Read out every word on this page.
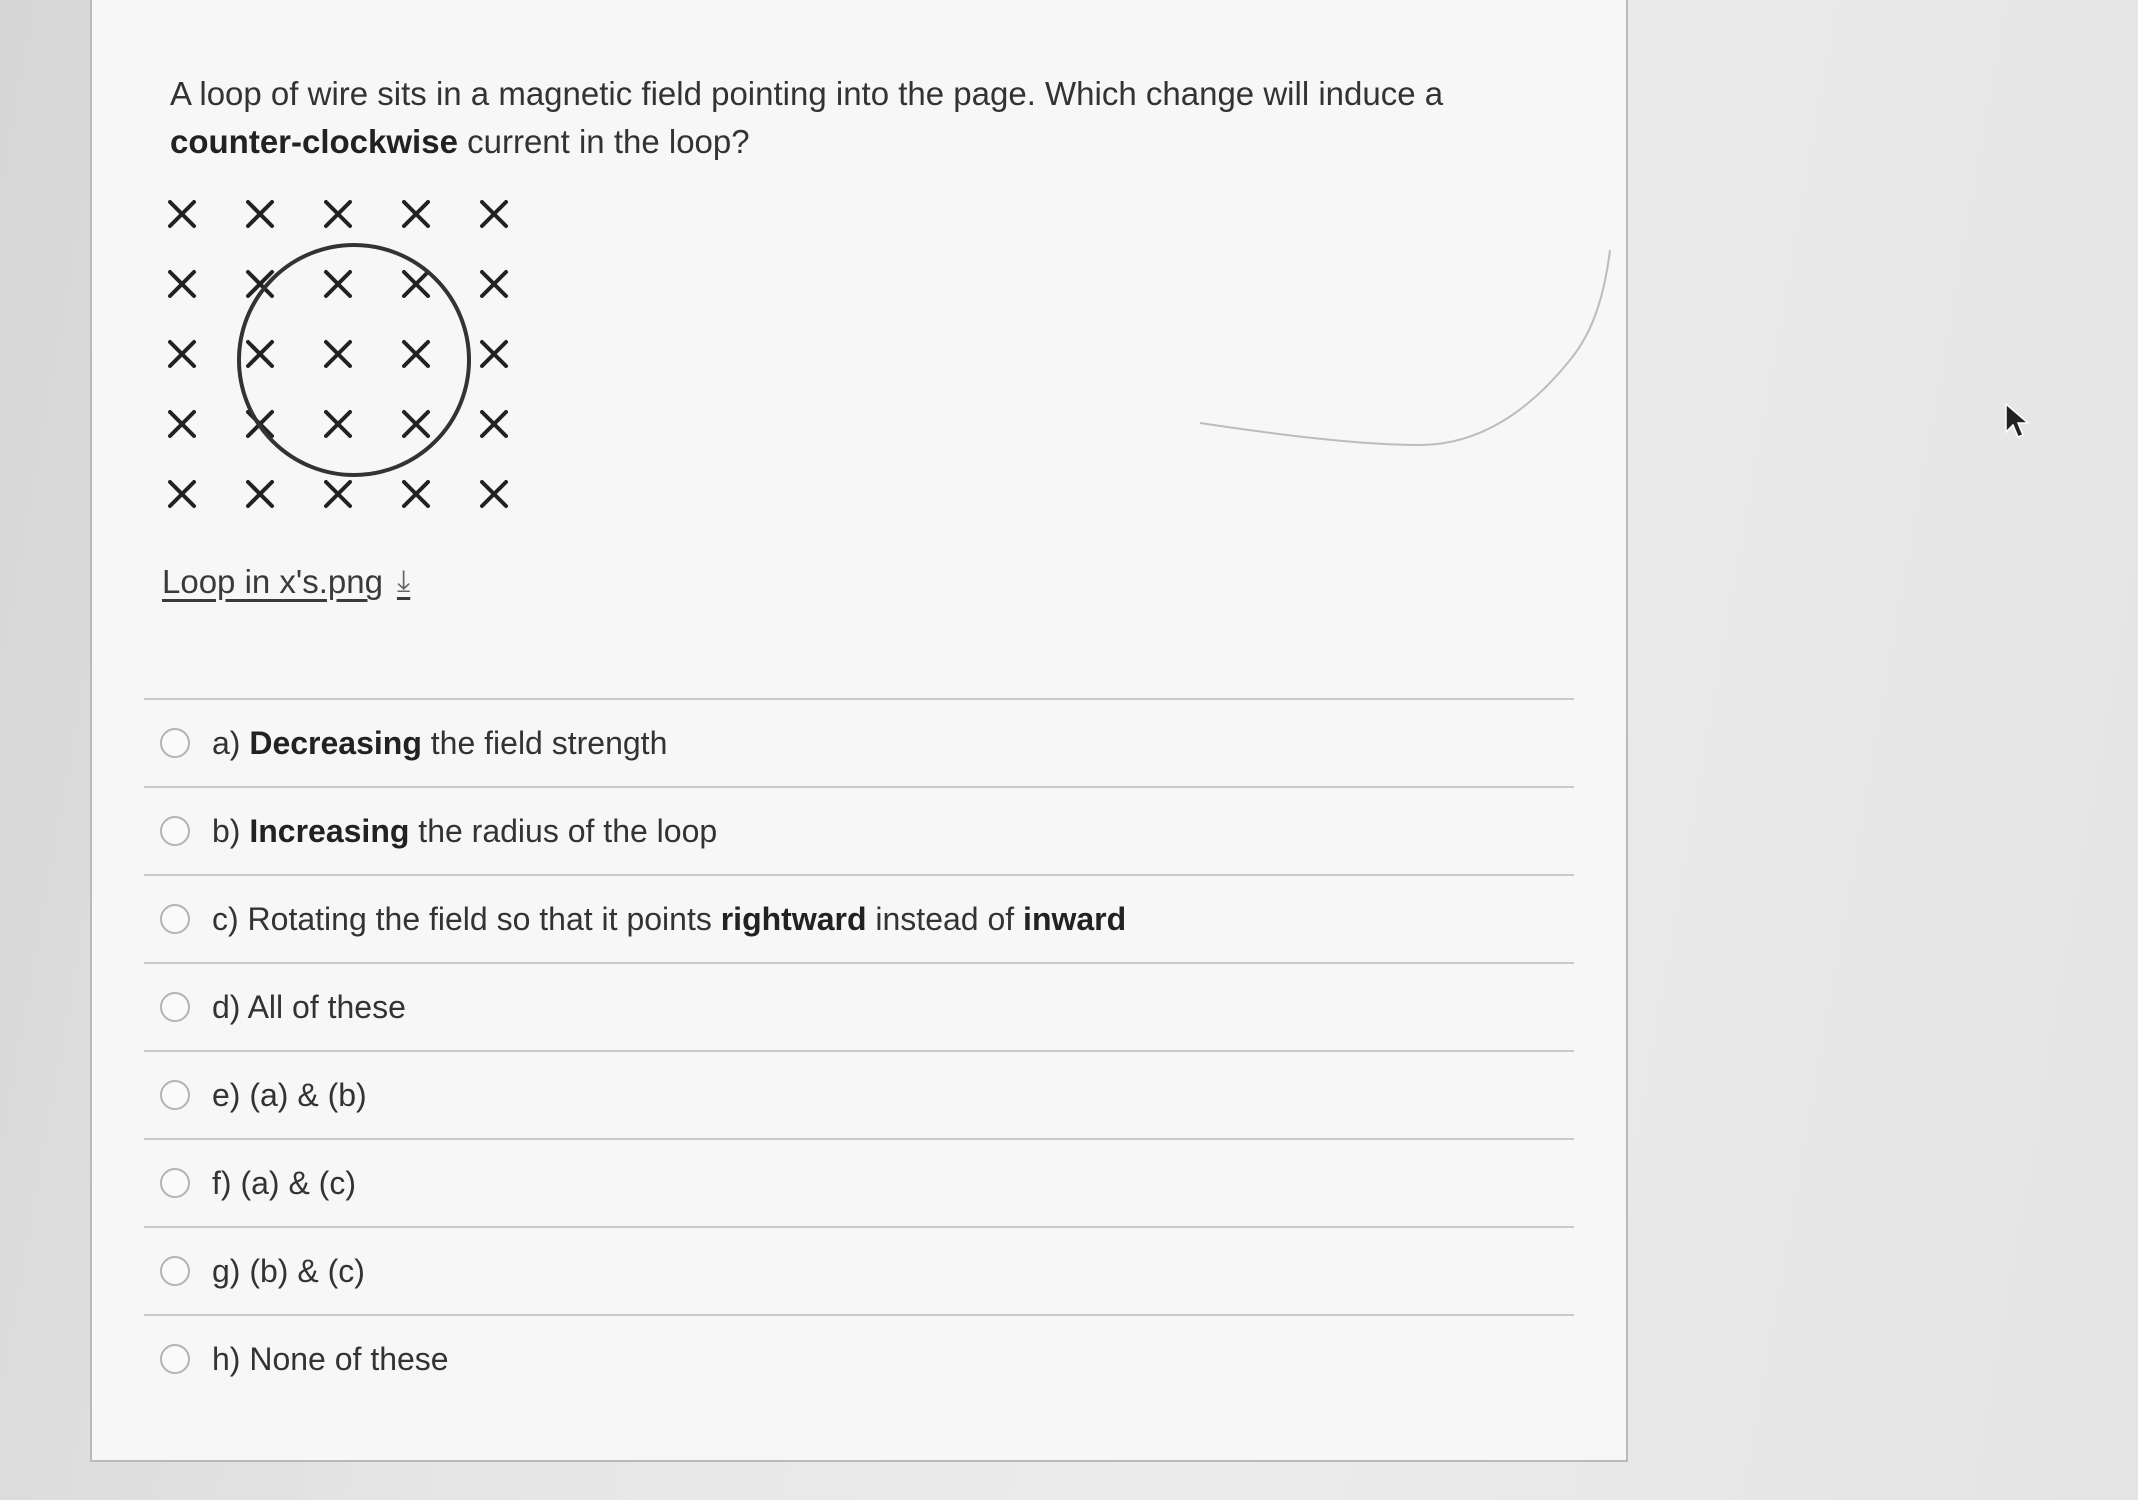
A loop of wire sits in a magnetic field pointing into the page. Which change will induce a counter-clockwise current in the loop?
Loop in x's.png ⤓
a) Decreasing the field strength
b) Increasing the radius of the loop
c) Rotating the field so that it points rightward instead of inward
d) All of these
e) (a) & (b)
f) (a) & (c)
g) (b) & (c)
h) None of these
